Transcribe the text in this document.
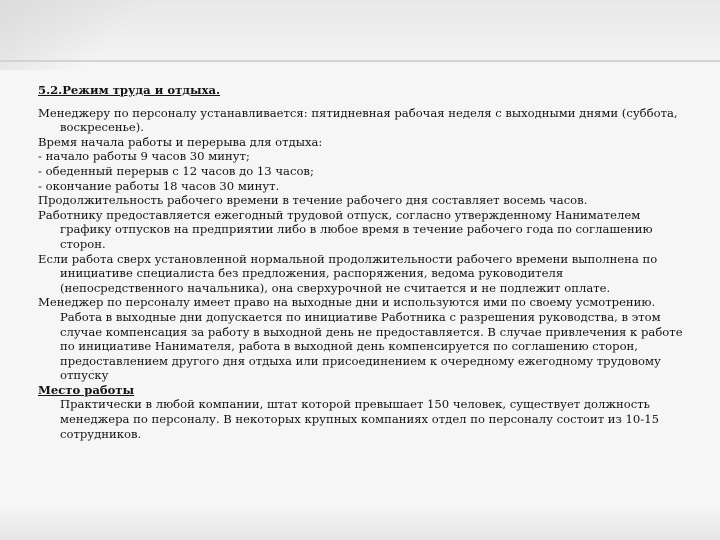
5.2.Режим труда и отдыха.

Менеджеру по персоналу устанавливается: пятидневная рабочая неделя с выходными днями (суббота, воскресенье).

Время начала работы и перерыва для отдыха:

- начало работы 9 часов 30 минут;

- обеденный перерыв с 12 часов до 13 часов;

- окончание работы 18 часов 30 минут.

Продолжительность рабочего времени в течение рабочего дня составляет восемь часов.

Работнику предоставляется ежегодный трудовой отпуск, согласно утвержденному Нанимателем графику отпусков на предприятии либо в любое время в течение рабочего года по соглашению сторон.

Если работа сверх установленной нормальной продолжительности рабочего времени выполнена по инициативе специалиста без предложения, распоряжения, ведома руководителя (непосредственного начальника), она сверхурочной не считается и не подлежит оплате.

Менеджер по персоналу имеет право на выходные дни и используются ими по своему усмотрению. Работа в выходные дни допускается по инициативе Работника с разрешения руководства, в этом случае компенсация за работу в выходной день не предоставляется. В случае привлечения к работе по инициативе Нанимателя, работа в выходной день компенсируется по соглашению сторон, предоставлением другого дня отдыха или присоединением к очередному ежегодному трудовому отпуску

Место работы

Практически в любой компании, штат которой превышает 150 человек, существует должность менеджера по персоналу. В некоторых крупных компаниях отдел по персоналу состоит из 10-15 сотрудников.
